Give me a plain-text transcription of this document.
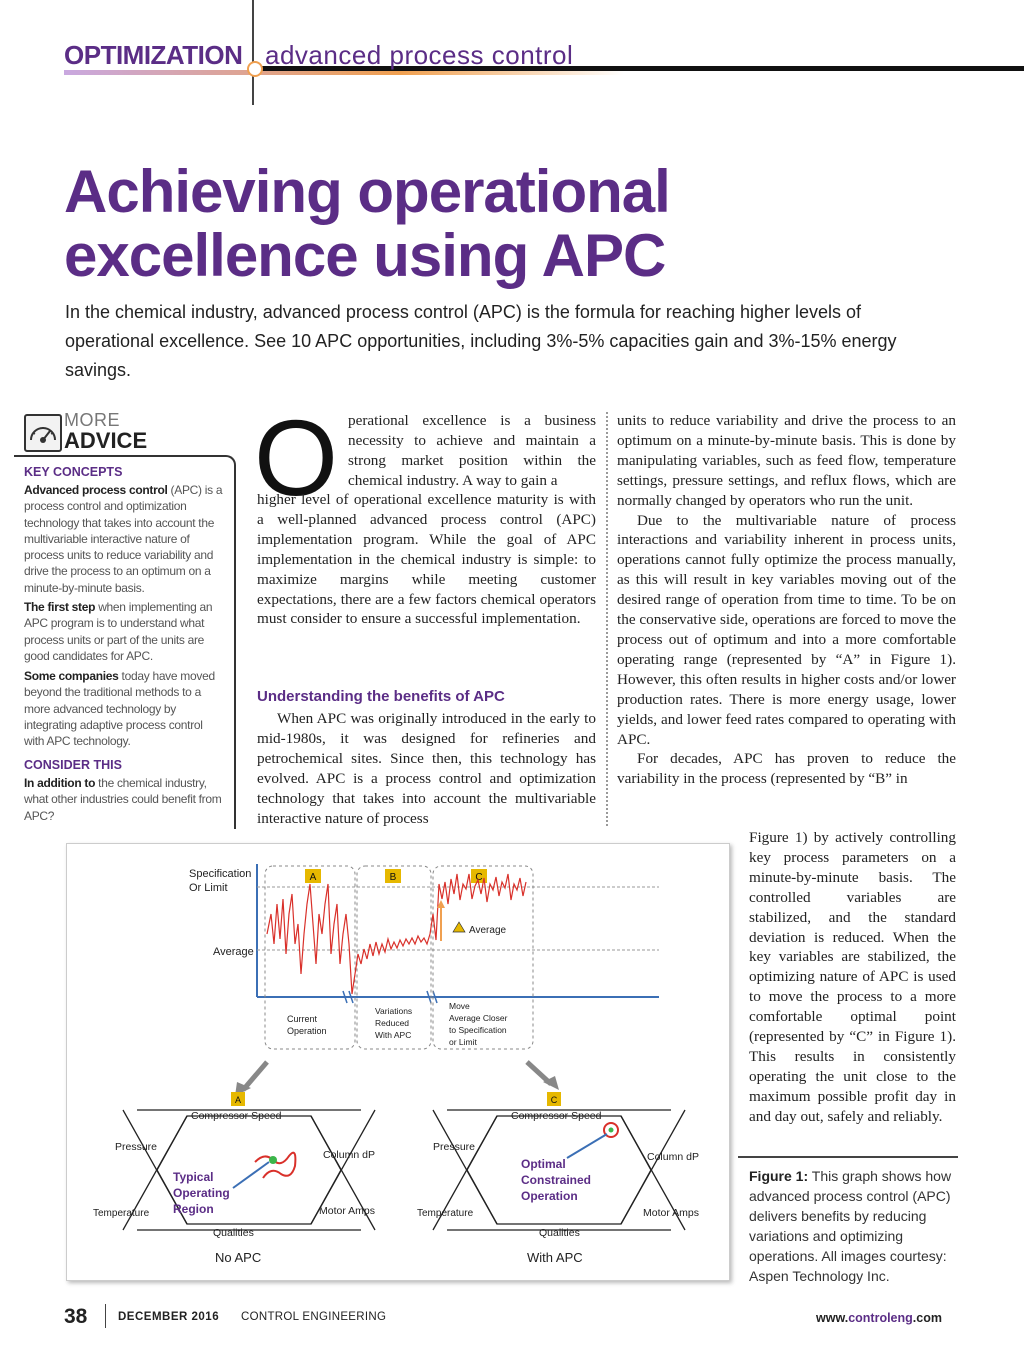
OPTIMIZATION advanced process control
Achieving operational excellence using APC
In the chemical industry, advanced process control (APC) is the formula for reaching higher levels of operational excellence. See 10 APC opportunities, including 3%-5% capacities gain and 3%-15% energy savings.
MORE
ADVICE
KEY CONCEPTS
Advanced process control (APC) is a process control and optimization technology that takes into account the multivariable interactive nature of process units to reduce variability and drive the process to an optimum on a minute-by-minute basis.
The first step when implementing an APC program is to understand what process units or part of the units are good candidates for APC.
Some companies today have moved beyond the traditional methods to a more advanced technology by integrating adaptive process control with APC technology.
CONSIDER THIS
In addition to the chemical industry, what other industries could benefit from APC?
O perational excellence is a business necessity to achieve and maintain a strong market position within the chemical industry. A way to gain a

higher level of operational excellence maturity is with a well-planned advanced process control (APC) implementation program. While the goal of APC implementation in the chemical industry is simple: to maximize margins while meeting customer expectations, there are a few factors chemical operators must consider to ensure a successful implementation.

Understanding the benefits of APC

When APC was originally introduced in the early to mid-1980s, it was designed for refineries and petrochemical sites. Since then, this technology has evolved. APC is a process control and optimization technology that takes into account the multivariable interactive nature of process

units to reduce variability and drive the process to an optimum on a minute-by-minute basis. This is done by manipulating variables, such as feed flow, temperature settings, pressure settings, and reflux flows, which are normally changed by operators who run the unit.

Due to the multivariable nature of process interactions and variability inherent in process units, operations cannot fully optimize the process manually, as this will result in key variables moving out of the desired range of operation from time to time. To be on the conservative side, operations are forced to move the process out of optimum and into a more comfortable operating range (represented by “A” in Figure 1). However, this often results in higher costs and/or lower production rates. There is more energy usage, lower yields, and lower feed rates compared to operating with APC.

For decades, APC has proven to reduce the variability in the process (represented by “B” in

Figure 1) by actively controlling key process parameters on a minute-by-minute basis. The controlled variables are stabilized, and the standard deviation is reduced. When the key variables are stabilized, the optimizing nature of APC is used to move the process to a more comfortable optimal point (represented by “C” in Figure 1). This results in consistently operating the unit close to the maximum possible profit day in and day out, safely and reliably.

A	B	C
Specification
Or Limit
Average
Average
Current
Operation
Variations
Reduced
With APC
Move
Average Closer
to Specification
or Limit
A
Compressor Speed
Pressure
Column dP
Temperature	Motor Amps
Qualities
Typical
Operating
Region
No APC
C
Compressor Speed
Pressure
Column dP
Temperature	Motor Amps
Qualities
Optimal
Constrained
Operation
With APC
Figure 1: This graph shows how advanced process control (APC) delivers benefits by reducing variations and optimizing operations. All images courtesy: Aspen Technology Inc.
38	DECEMBER 2016 CONTROL ENGINEERING	www.controleng.com
